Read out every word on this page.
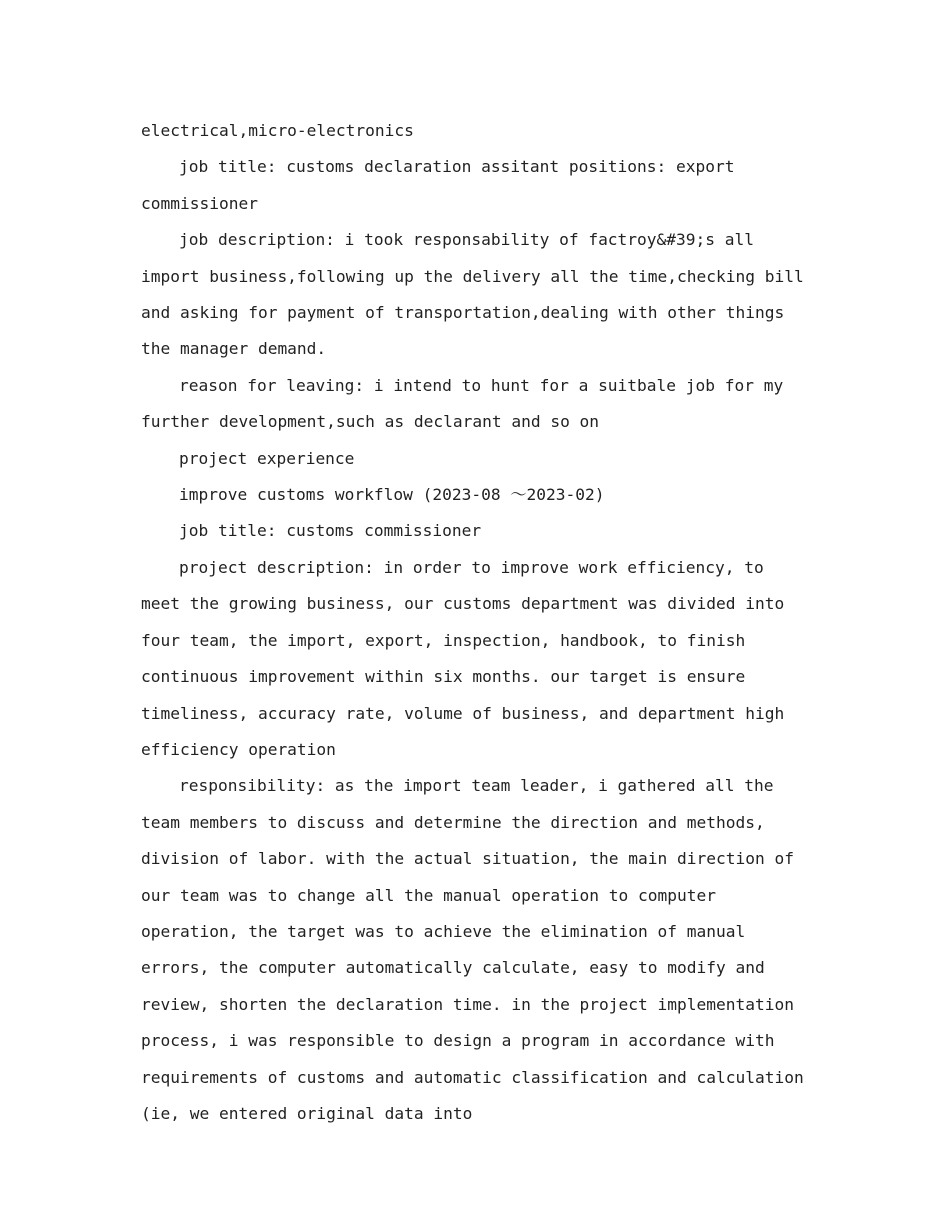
electrical,micro-electronics

job title: customs declaration assitant positions: export commissioner

job description: i took responsability of factroy&#39;s all import business,following up the delivery all the time,checking bill and asking for payment of transportation,dealing with other things the manager demand.

reason for leaving: i intend to hunt for a suitbale job for my further development,such as declarant and so on

project experience

improve customs workflow (2023-08 ～2023-02)

job title: customs commissioner

project description: in order to improve work efficiency, to meet the growing business, our customs department was divided into four team, the import, export, inspection, handbook, to finish continuous improvement within six months. our target is ensure timeliness, accuracy rate, volume of business, and department high efficiency operation

responsibility: as the import team leader, i gathered all the team members to discuss and determine the direction and methods, division of labor. with the actual situation, the main direction of our team was to change all the manual operation to computer operation, the target was to achieve the elimination of manual errors, the computer automatically calculate, easy to modify and review, shorten the declaration time. in the project implementation process, i was responsible to design a program in accordance with requirements of customs and automatic classification and calculation (ie, we entered original data into
